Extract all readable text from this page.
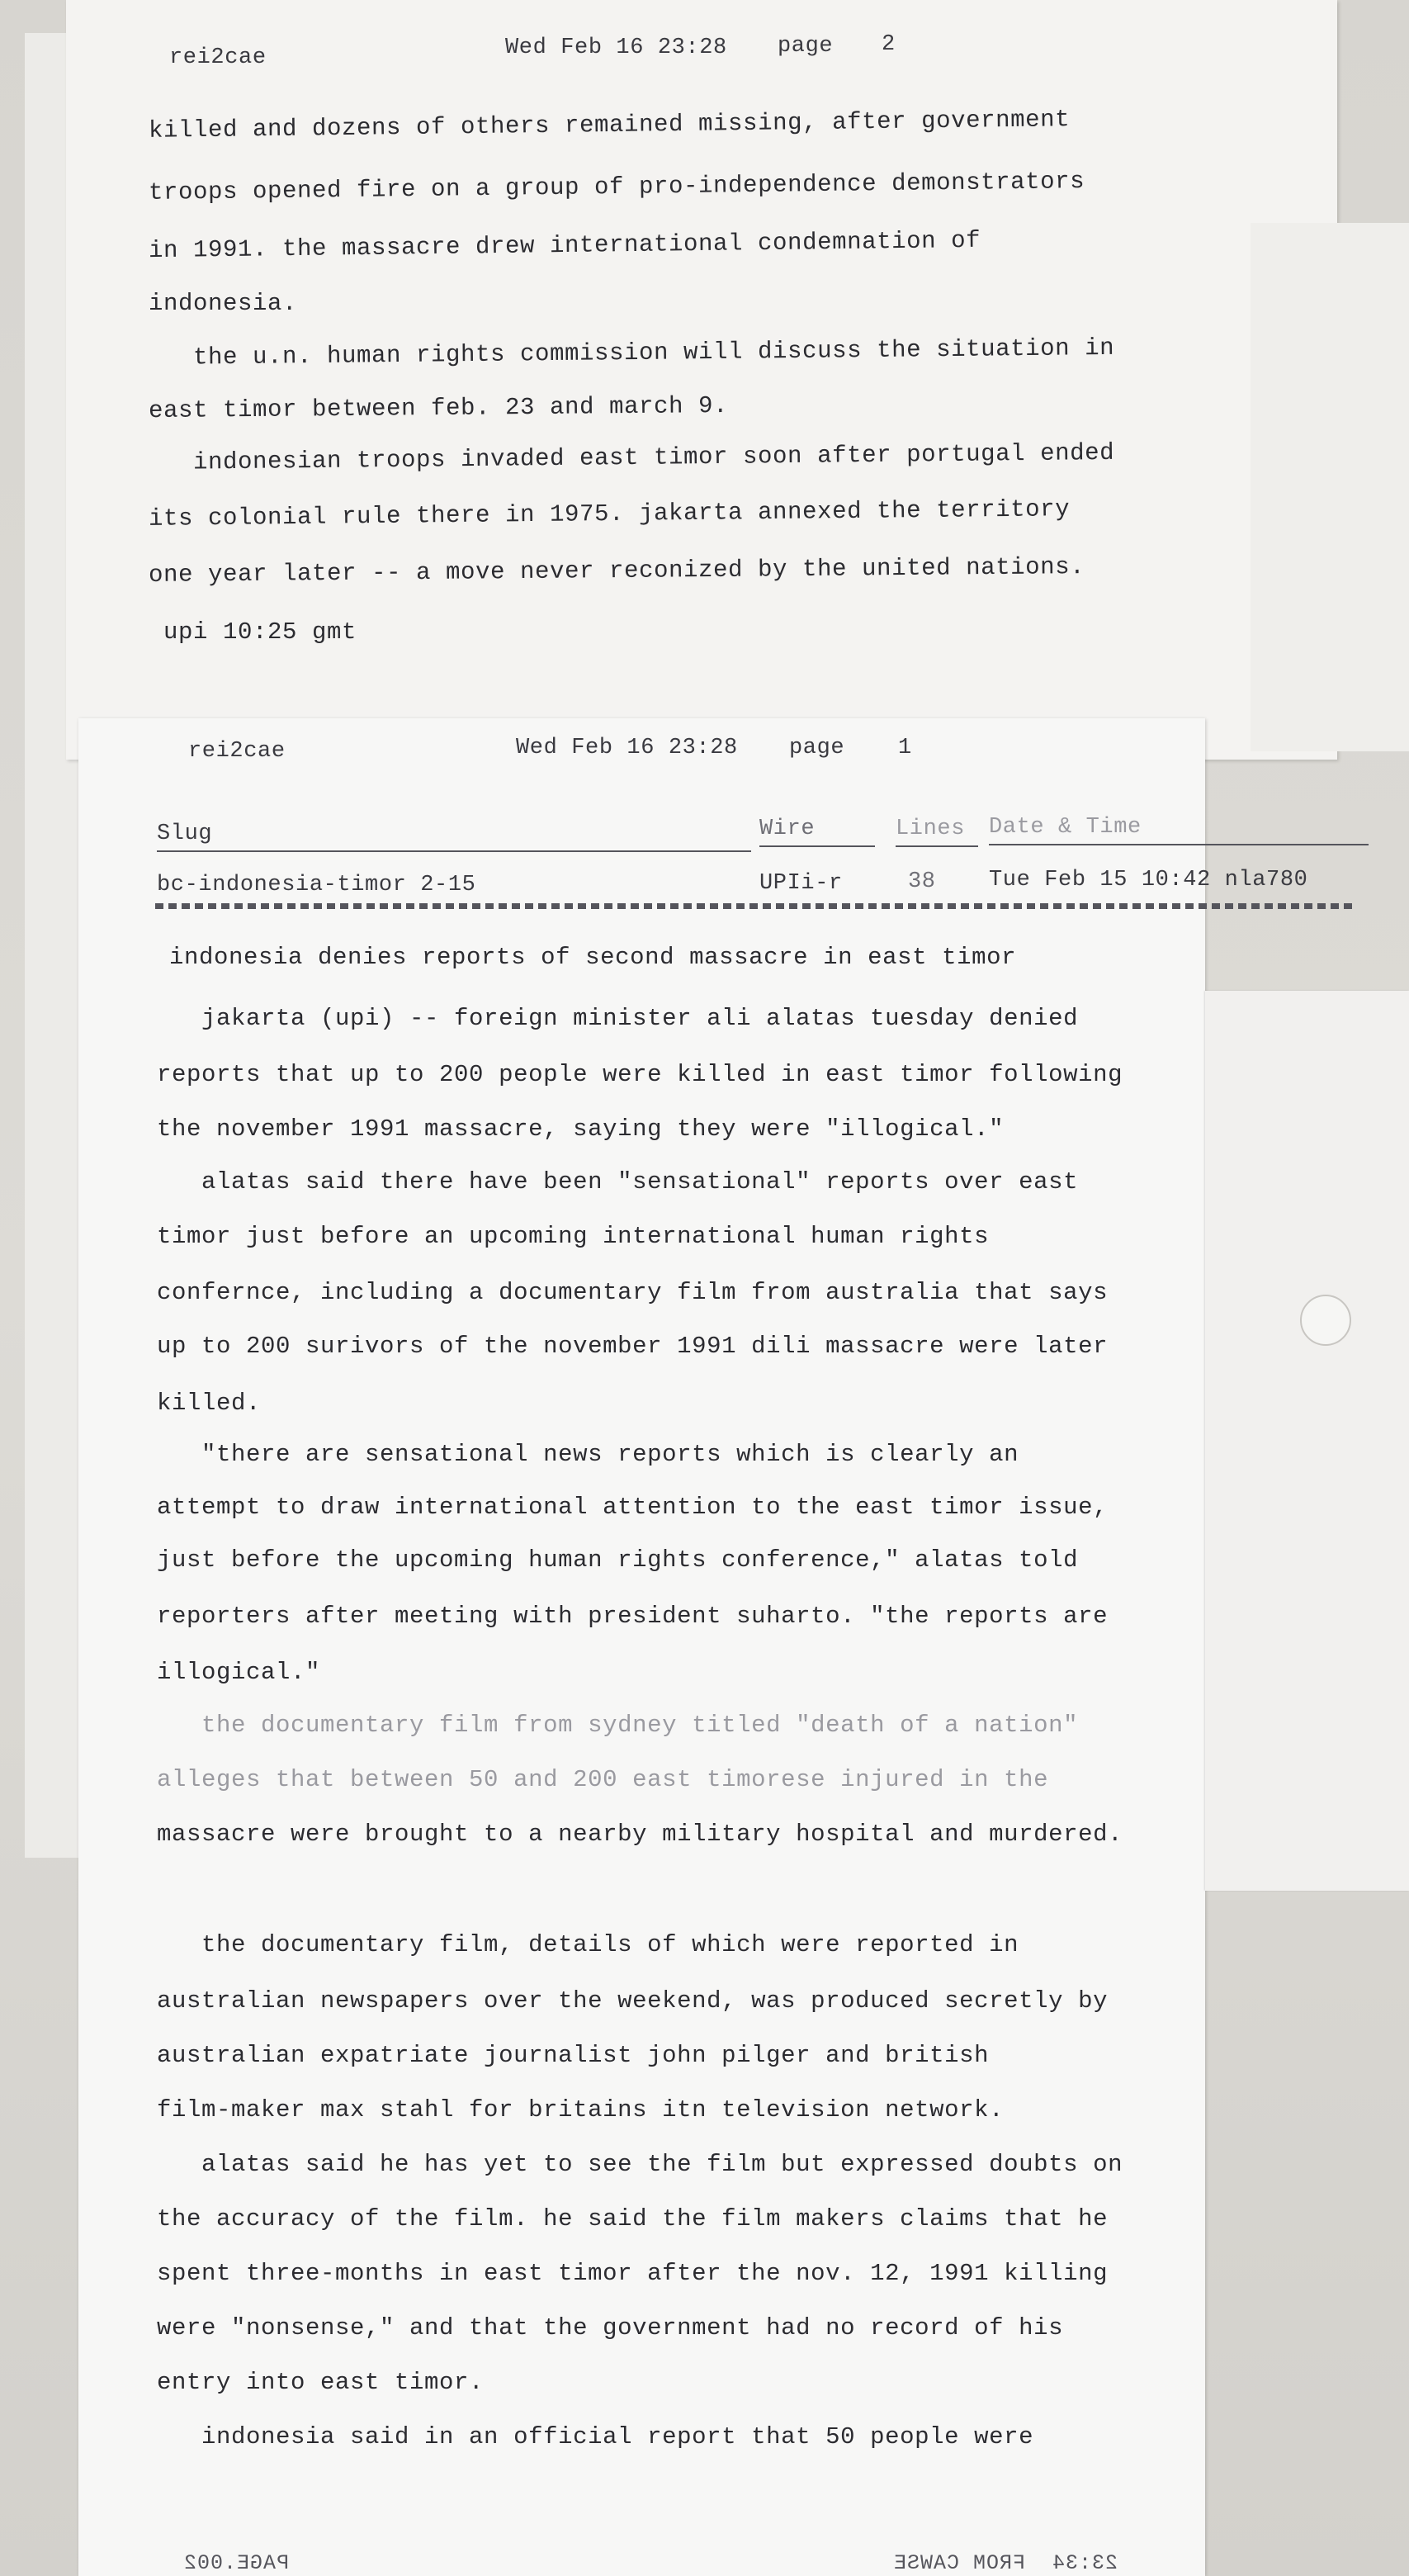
rei2cae	Wed Feb 16 23:28 page 2

killed and dozens of others remained missing, after government

troops opened fire on a group of pro-independence demonstrators

in 1991. the massacre drew international condemnation of

indonesia.

the u.n. human rights commission will discuss the situation in

east timor between feb. 23 and march 9.

indonesian troops invaded east timor soon after portugal ended

its colonial rule there in 1975. jakarta annexed the territory

one year later -- a move never reconized by the united nations.

upi 10:25 gmt

rei2cae	Wed Feb 16 23:28 page 1

Slug	Wire	Lines	Date & Time

bc-indonesia-timor 2-15	UPIi-r	38 Tue Feb 15 10:42 nla780

indonesia denies reports of second massacre in east timor

jakarta (upi) -- foreign minister ali alatas tuesday denied

reports that up to 200 people were killed in east timor following

the november 1991 massacre, saying they were "illogical."

alatas said there have been "sensational" reports over east

timor just before an upcoming international human rights

confernce, including a documentary film from australia that says

up to 200 surivors of the november 1991 dili massacre were later

killed.

"there are sensational news reports which is clearly an

attempt to draw international attention to the east timor issue,

just before the upcoming human rights conference," alatas told

reporters after meeting with president suharto. "the reports are

illogical."

the documentary film from sydney titled "death of a nation"

alleges that between 50 and 200 east timorese injured in the

massacre were brought to a nearby military hospital and murdered.

the documentary film, details of which were reported in

australian newspapers over the weekend, was produced secretly by

australian expatriate journalist john pilger and british

film-maker max stahl for britains itn television network.

alatas said he has yet to see the film but expressed doubts on

the accuracy of the film. he said the film makers claims that he

spent three-months in east timor after the nov. 12, 1991 killing

were "nonsense," and that the government had no record of his

entry into east timor.

indonesia said in an official report that 50 people were

PAGE.002	23:34  FROM CAWSE
